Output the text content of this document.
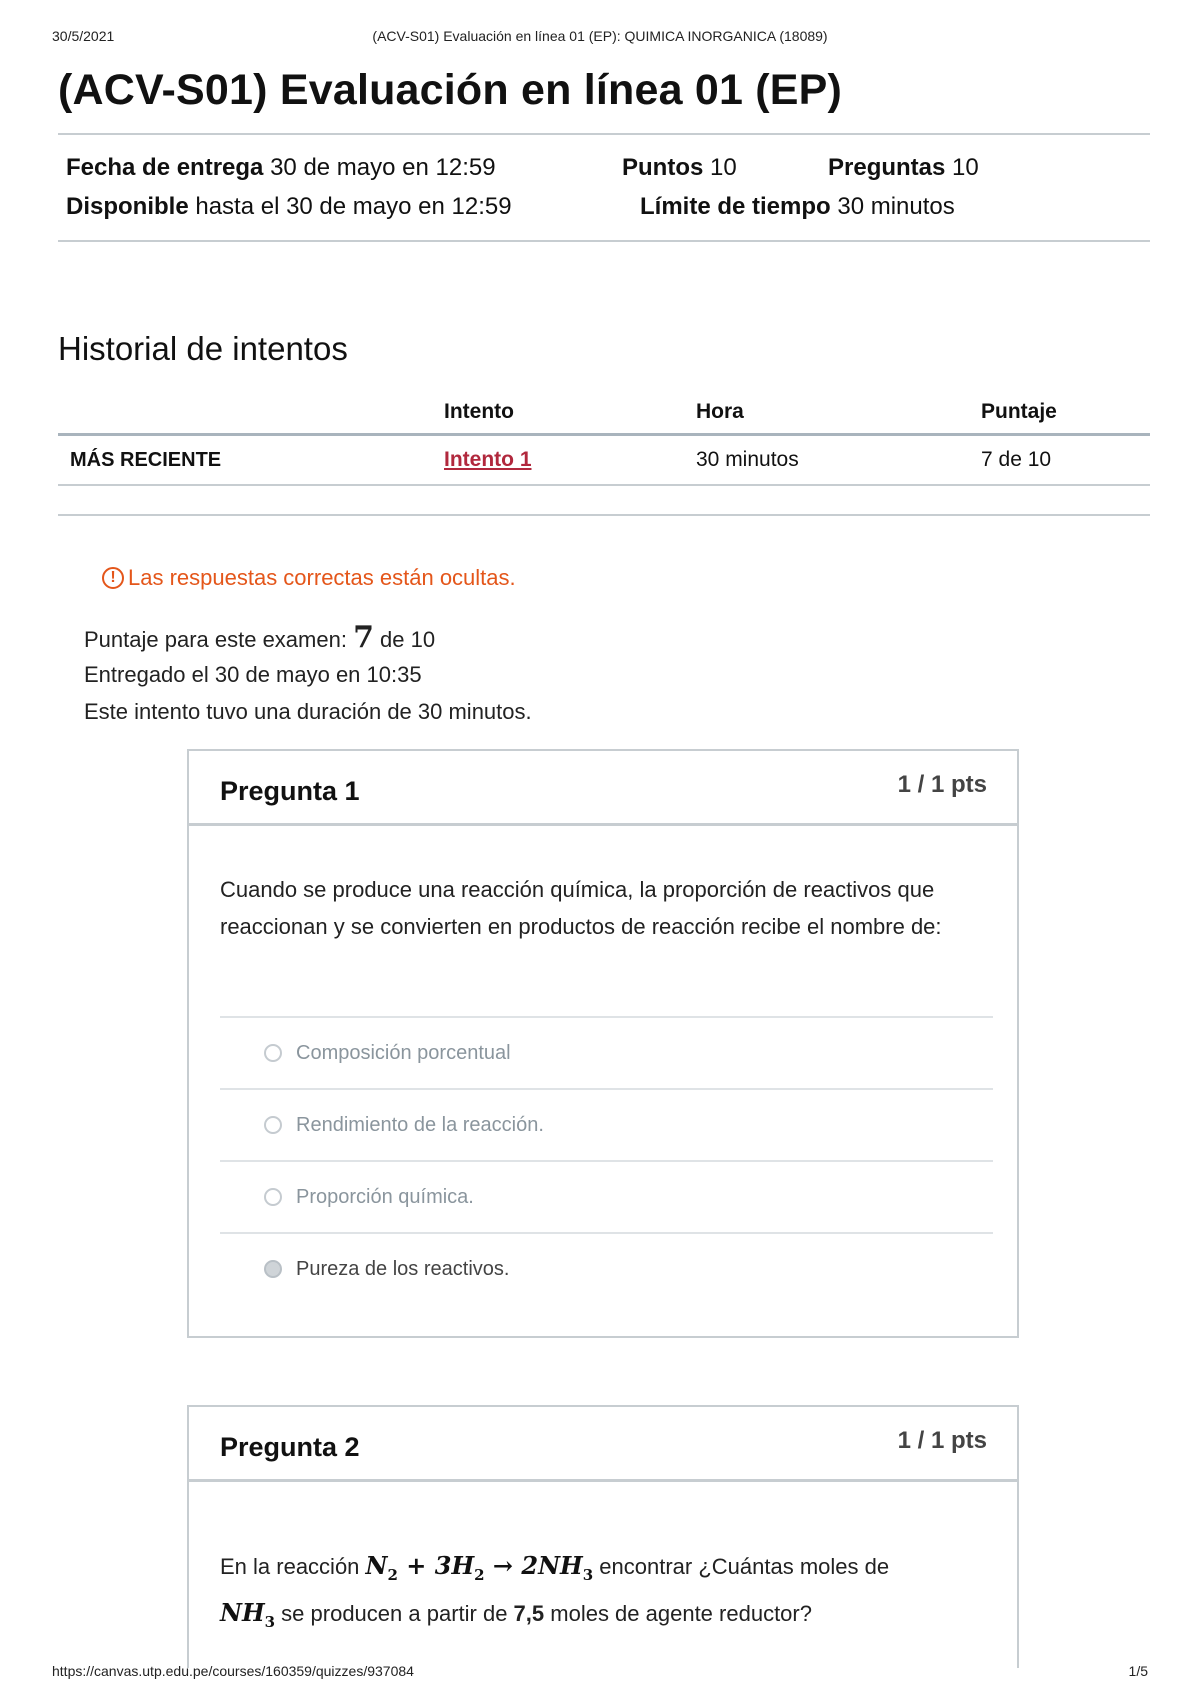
30/5/2021	(ACV-S01) Evaluación en línea 01 (EP): QUIMICA INORGANICA (18089)
(ACV-S01) Evaluación en línea 01 (EP)
Fecha de entrega 30 de mayo en 12:59	Puntos 10	Preguntas 10
Disponible hasta el 30 de mayo en 12:59	Límite de tiempo 30 minutos
Historial de intentos
	Intento	Hora	Puntaje
MÁS RECIENTE	Intento 1	30 minutos	7 de 10
! Las respuestas correctas están ocultas.
Puntaje para este examen: 7 de 10
Entregado el 30 de mayo en 10:35
Este intento tuvo una duración de 30 minutos.
Pregunta 1	1 / 1 pts
Cuando se produce una reacción química, la proporción de reactivos que reaccionan y se convierten en productos de reacción recibe el nombre de:
Composición porcentual
Rendimiento de la reacción.
Proporción química.
Pureza de los reactivos.
Pregunta 2	1 / 1 pts
En la reacción $N_2 + 3H_2 \to 2NH_3$ encontrar ¿Cuántas moles de
$NH_3$ se producen a partir de 7,5 moles de agente reductor?
https://canvas.utp.edu.pe/courses/160359/quizzes/937084	1/5
